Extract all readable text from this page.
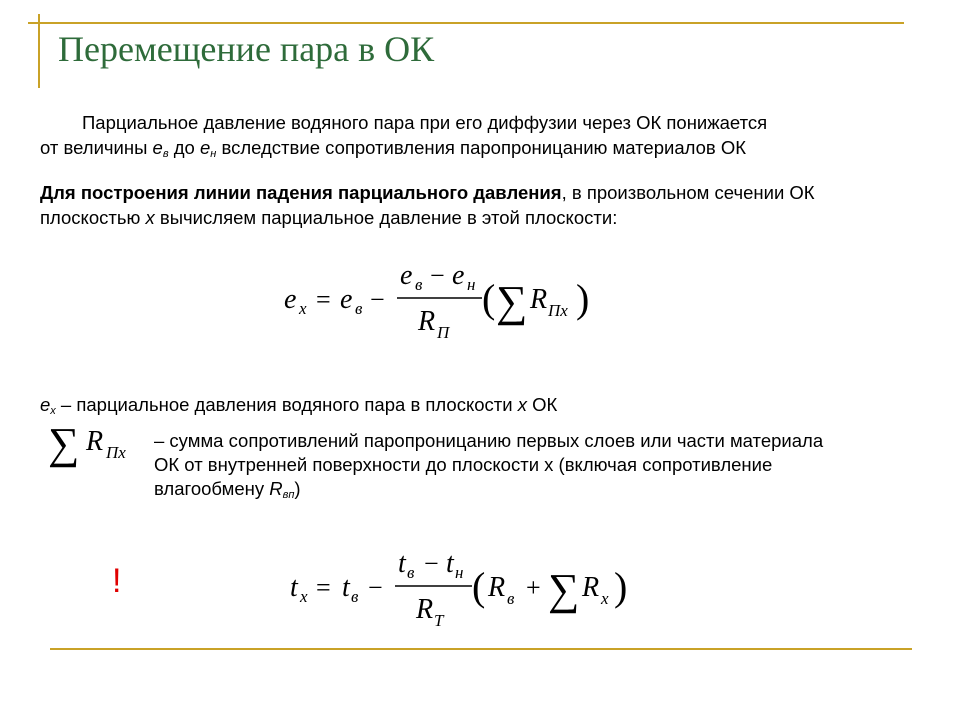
Перемещение пара в ОК
Парциальное давление водяного пара при его диффузии через ОК понижается
от величины $e_в$ до $e_н$ вследствие сопротивления паропроницанию материалов ОК
Для построения линии падения парциального давления, в произвольном сечении ОК
плоскостью x вычисляем парциальное давление в этой плоскости:
e x = e в −
e в − e н
R П
( ∑ R Пx )
$e_x$ – парциальное давления водяного пара в плоскости x ОК
∑ R Пx
– сумма сопротивлений паропроницанию первых слоев или части материала
ОК от внутренней поверхности до плоскости х (включая сопротивление
влагообмену $R_{вп}$)
!	t x = t в −
t в − t н
R T
( R в + ∑ R x )
